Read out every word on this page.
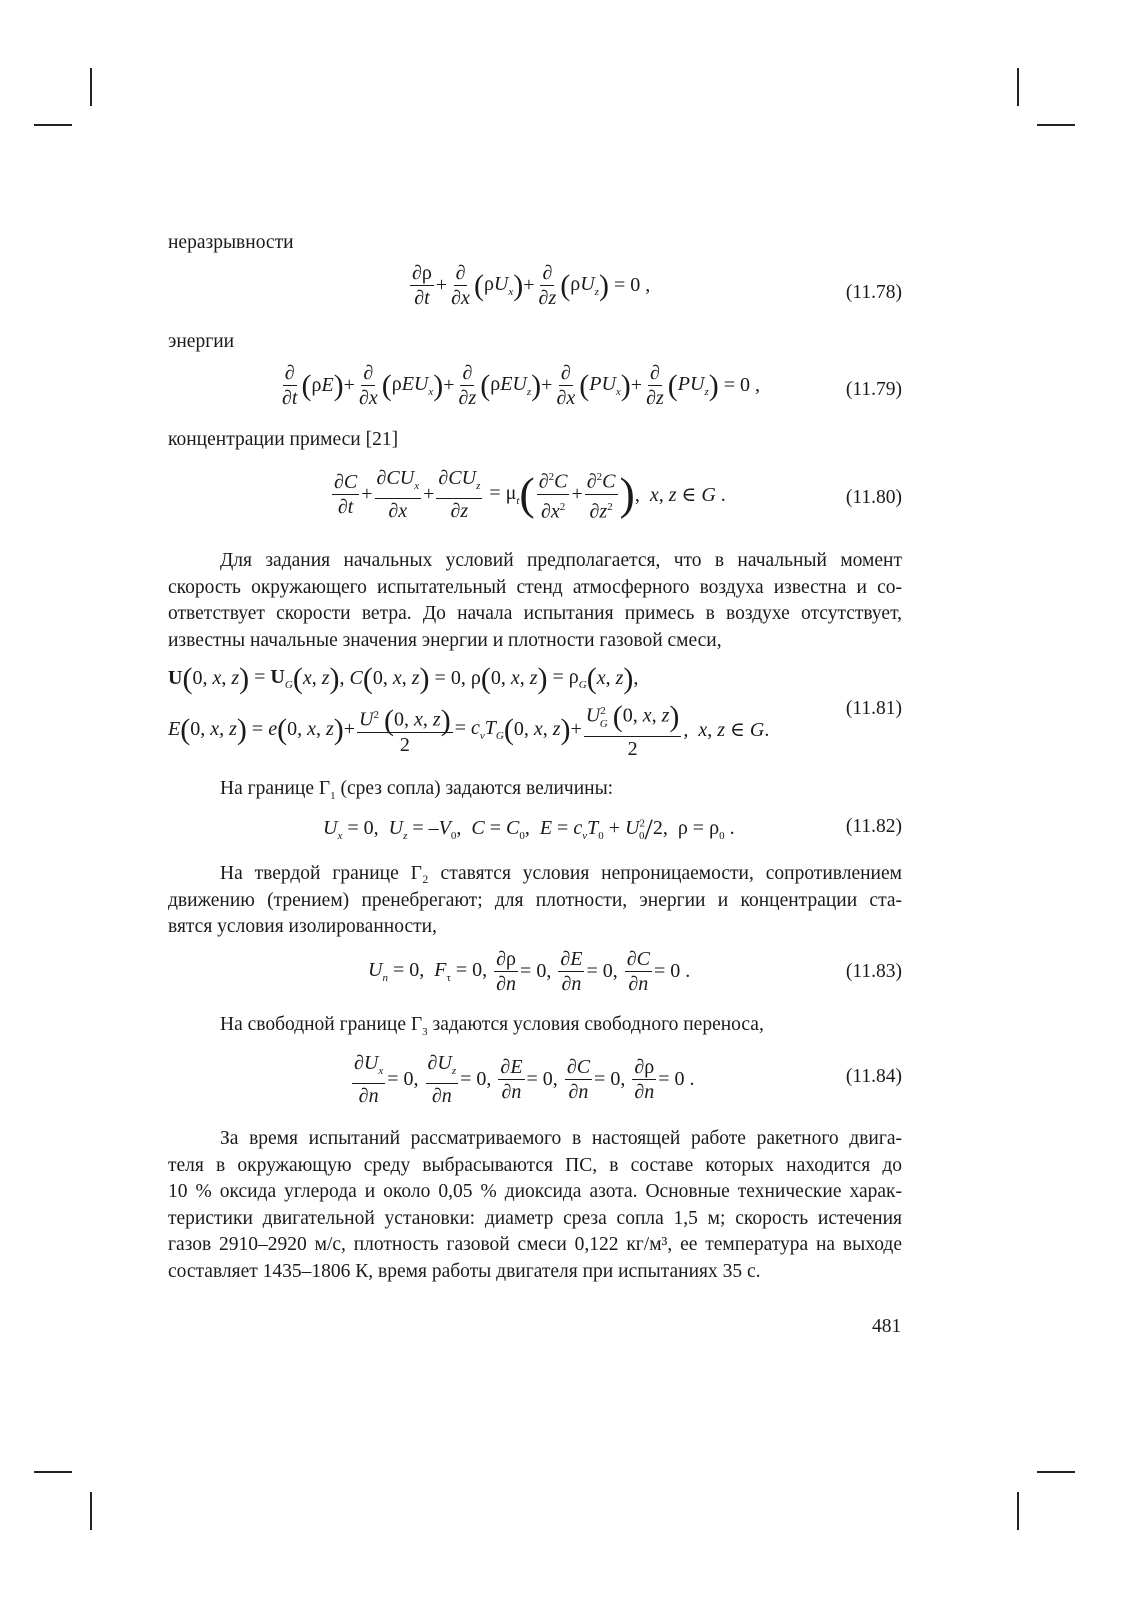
неразрывности
$\frac{\partial\rho}{\partial t} + \frac{\partial}{\partial x}$ ( $\rho U_x$ ) + $\frac{\partial}{\partial z}$ ( $\rho U_z$ ) = 0 ,	(11.78)
энергии
$\frac{\partial}{\partial t}$ ( ρE ) + $\frac{\partial}{\partial x}$ ( ρEU$_x$ ) + $\frac{\partial}{\partial z}$ ( ρEU$_z$ ) + $\frac{\partial}{\partial x}$ ( $PU_x$ ) + $\frac{\partial}{\partial z}$ ( $PU_z$ ) = 0 ,	(11.79)
концентрации примеси [21]
$\frac{\partial C}{\partial t} + \frac{\partial CU_x}{\partial x} + \frac{\partial CU_z}{\partial z} = \mu_t$ ( $\frac{\partial^2C}{\partial x^2} + \frac{\partial^2C}{\partial z^2}$ ) ,  x, z ∈ G .	(11.80)
Для задания начальных условий предполагается, что в начальный момент
скорость окружающего испытательный стенд атмосферного воздуха известна и со-
ответствует скорости ветра. До начала испытания примесь в воздухе отсутствует,
известны начальные значения энергии и плотности газовой смеси,
U ( 0, x, z ) = $U_G$ ( x, z ) , C ( 0, x, z ) = 0, ρ ( 0, x, z ) = $\rho_G$ ( x, z ) ,
E ( 0, x, z ) = e ( 0, x, z ) + $\frac{U^2 (0, x, z)}{2} = c_vT_G$ ( 0, x, z ) + $\frac{U^2_G (0, x, z)}{2}$ ,  x, z ∈ G.
(11.81)
На границе $\Gamma_1$ (срез сопла) задаются величины:
$U_x = 0$,  $U_z = -V_0$,  $C = C_0$,  $E = c_vT_0 + U^2_0 / 2$,  $\rho = \rho_0$ .	(11.82)
На твердой границе Γ₂ ставятся условия непроницаемости, сопротивлением
движению (трением) пренебрегают; для плотности, энергии и концентрации ста-
вятся условия изолированности,
$U_n = 0$,  $F_\tau = 0$, $\frac{\partial\rho}{\partial n} = 0$, $\frac{\partial E}{\partial n} = 0$, $\frac{\partial C}{\partial n} = 0$ .	(11.83)
На свободной границе $\Gamma_3$ задаются условия свободного переноса,
$\frac{\partial U_x}{\partial n} = 0$, $\frac{\partial U_z}{\partial n} = 0$, $\frac{\partial E}{\partial n} = 0$, $\frac{\partial C}{\partial n} = 0$, $\frac{\partial\rho}{\partial n} = 0$ .	(11.84)
За время испытаний рассматриваемого в настоящей работе ракетного двига-
теля в окружающую среду выбрасываются ПС, в составе которых находится до
10 % оксида углерода и около 0,05 % диоксида азота. Основные технические харак-
теристики двигательной установки: диаметр среза сопла 1,5 м; скорость истечения
газов 2910–2920 м/с, плотность газовой смеси 0,122 кг/м³, ее температура на выходе
составляет 1435–1806 К, время работы двигателя при испытаниях 35 с.
481
